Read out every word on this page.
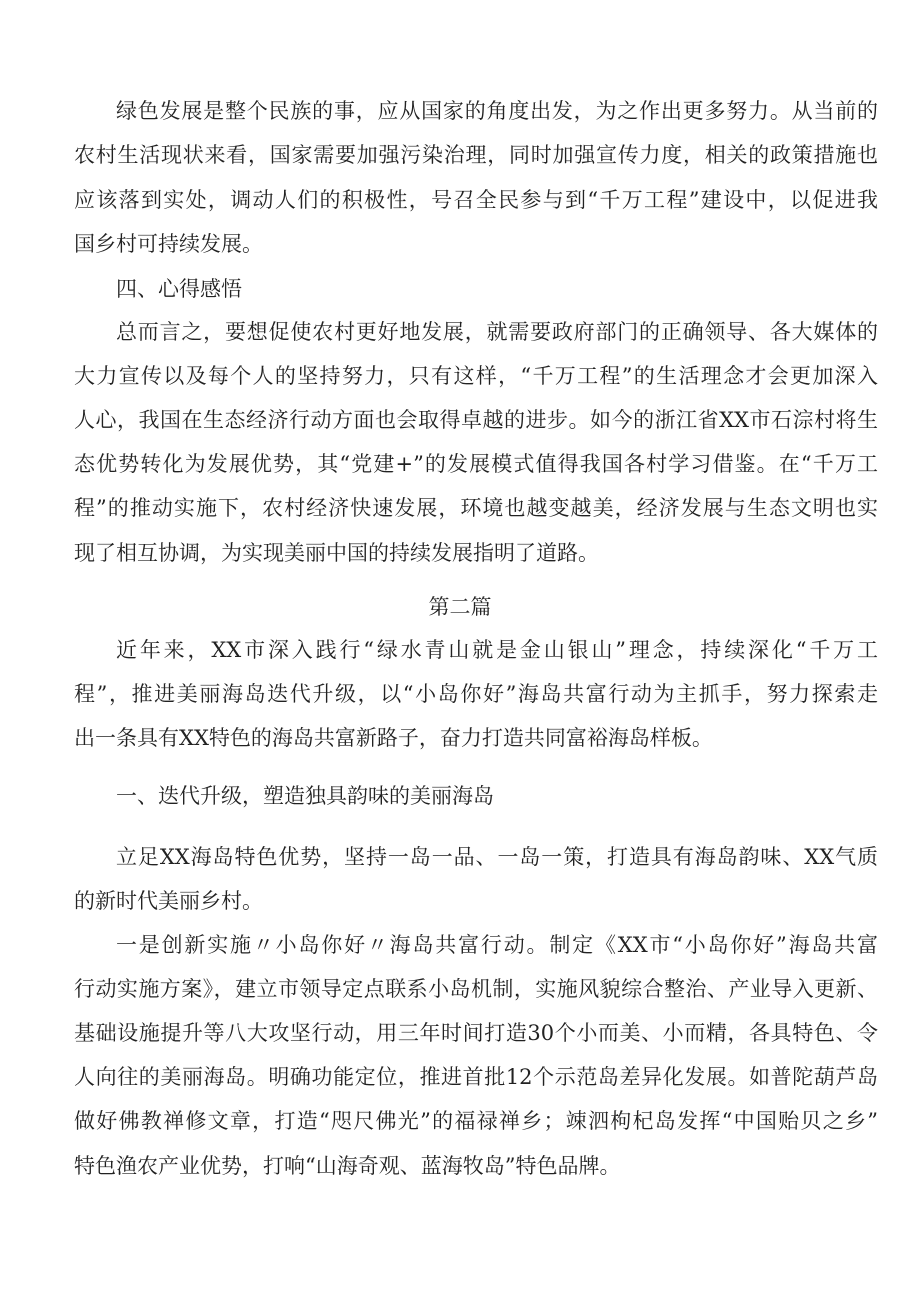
绿色发展是整个民族的事，应从国家的角度出发，为之作出更多努力。从当前的
农村生活现状来看，国家需要加强污染治理，同时加强宣传力度，相关的政策措施也
应该落到实处，调动人们的积极性，号召全民参与到“千万工程”建设中，以促进我
国乡村可持续发展。
四、心得感悟
总而言之，要想促使农村更好地发展，就需要政府部门的正确领导、各大媒体的
大力宣传以及每个人的坚持努力，只有这样，“千万工程”的生活理念才会更加深入
人心，我国在生态经济行动方面也会取得卓越的进步。如今的浙江省XX市石淙村将生
态优势转化为发展优势，其“党建+”的发展模式值得我国各村学习借鉴。在“千万工
程”的推动实施下，农村经济快速发展，环境也越变越美，经济发展与生态文明也实
现了相互协调，为实现美丽中国的持续发展指明了道路。
第二篇
近年来，XX市深入践行“绿水青山就是金山银山”理念，持续深化“千万工
程”，推进美丽海岛迭代升级，以“小岛你好”海岛共富行动为主抓手，努力探索走
出一条具有XX特色的海岛共富新路子，奋力打造共同富裕海岛样板。
一、迭代升级，塑造独具韵味的美丽海岛
立足XX海岛特色优势，坚持一岛一品、一岛一策，打造具有海岛韵味、XX气质
的新时代美丽乡村。
一是创新实施〃小岛你好〃海岛共富行动。制定《XX市“小岛你好”海岛共富
行动实施方案》，建立市领导定点联系小岛机制，实施风貌综合整治、产业导入更新、
基础设施提升等八大攻坚行动，用三年时间打造30个小而美、小而精，各具特色、令
人向往的美丽海岛。明确功能定位，推进首批12个示范岛差异化发展。如普陀葫芦岛
做好佛教禅修文章，打造“咫尺佛光”的福禄禅乡；竦泗枸杞岛发挥“中国贻贝之乡”
特色渔农产业优势，打响“山海奇观、蓝海牧岛”特色品牌。
